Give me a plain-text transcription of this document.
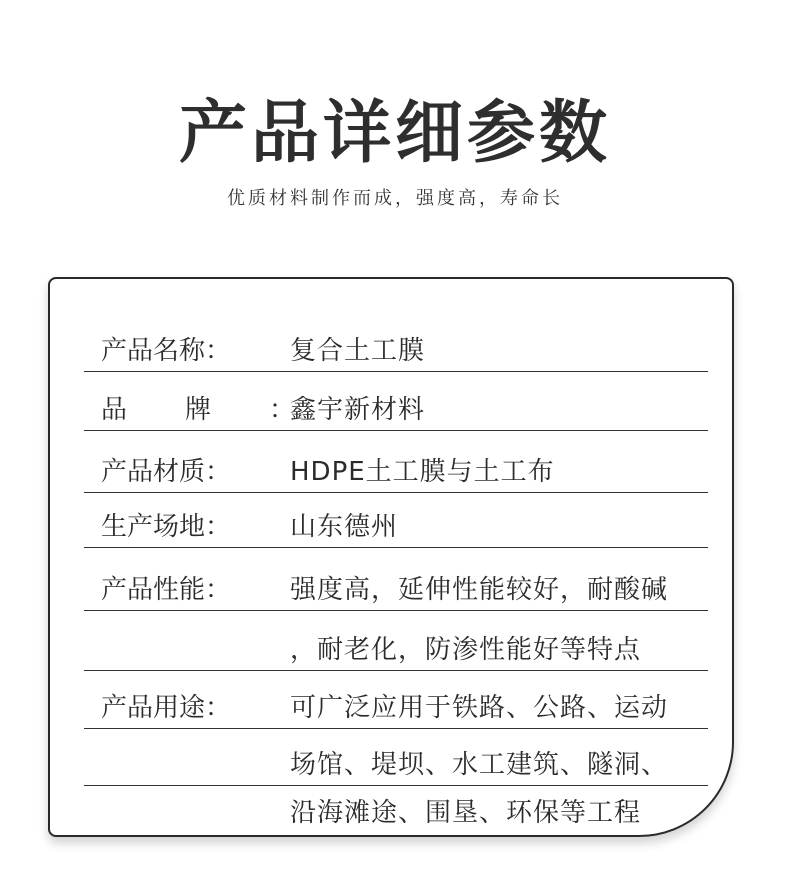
产品详细参数
优质材料制作而成，强度高，寿命长
产品名称： 复合土工膜
品牌：
鑫宇新材料
产品材质： HDPE土工膜与土工布
生产场地： 山东德州
产品性能： 强度高，延伸性能较好，耐酸碱
，耐老化，防渗性能好等特点
产品用途： 可广泛应用于铁路、公路、运动
场馆、堤坝、水工建筑、隧洞、
沿海滩途、围垦、环保等工程
